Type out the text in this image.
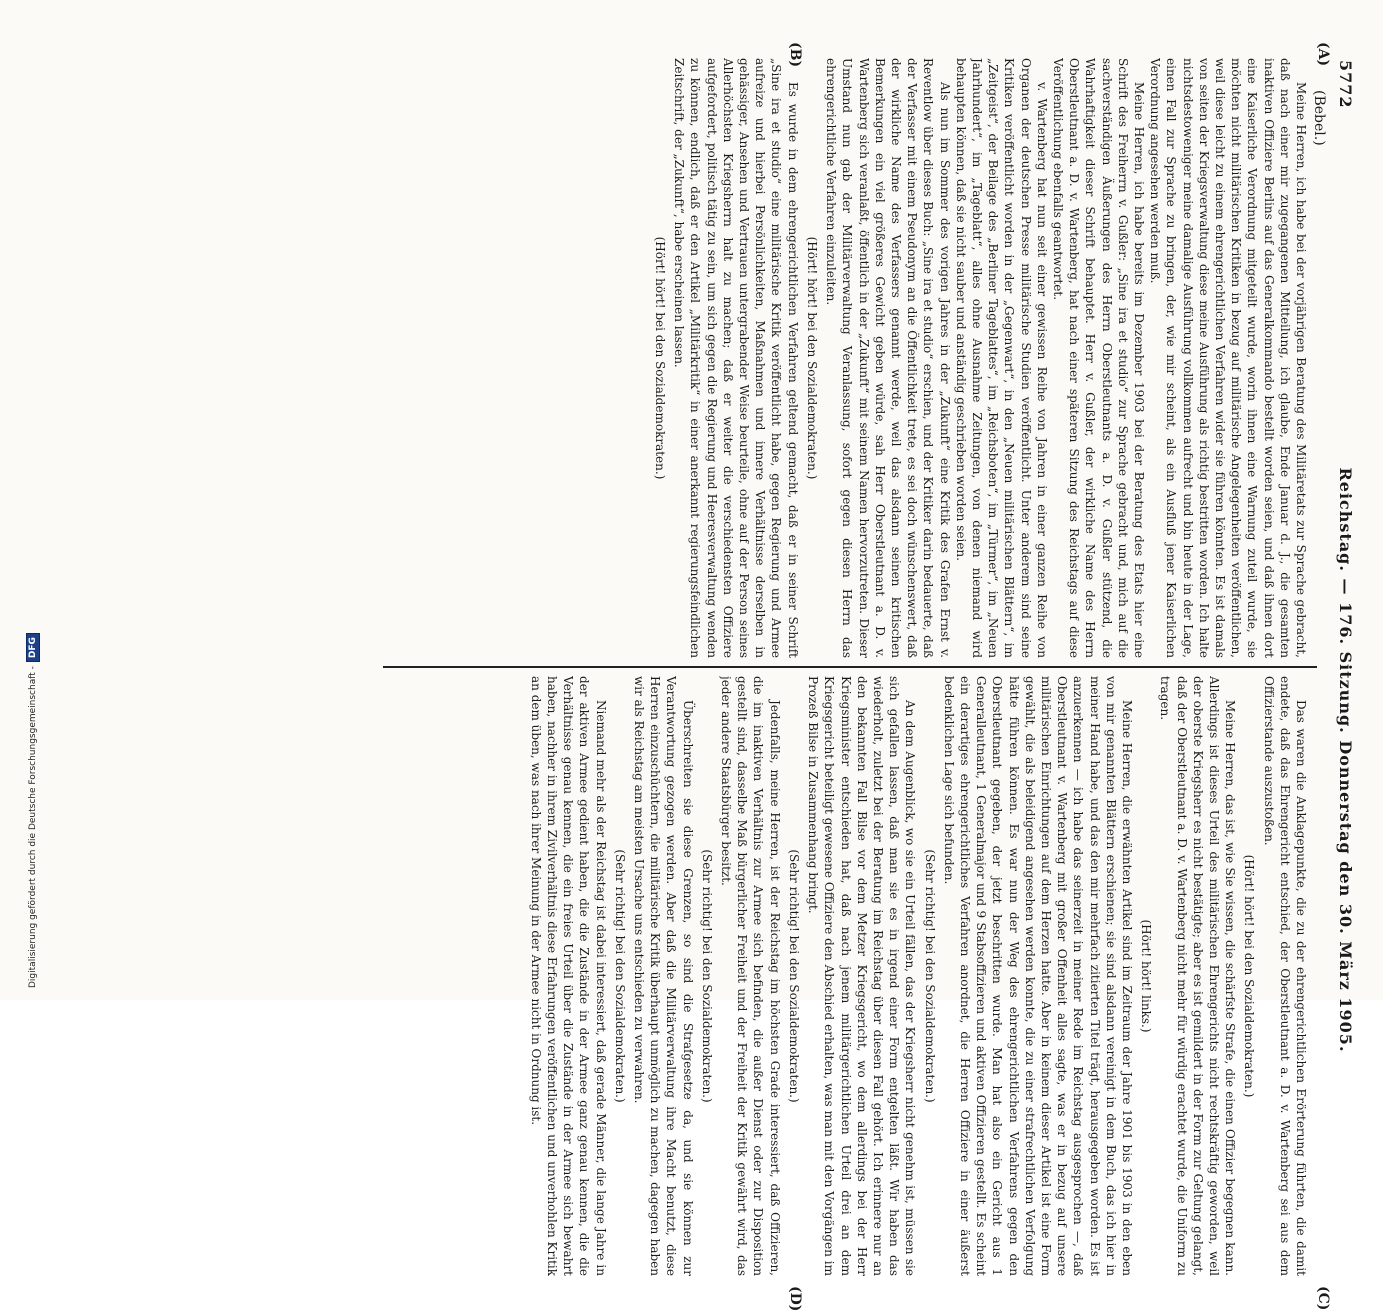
5772
Reichstag. — 176. Sitzung. Donnerstag den 30. März 1905.
(A)
(B)
(C)
(D)
(Bebel.)

Meine Herren, ich habe bei der vorjährigen Beratung des Militäretats zur Sprache gebracht, daß nach einer mir zugegangenen Mitteilung, ich glaube, Ende Januar d. J., die gesamten inaktiven Offiziere Berlins auf das Generalkommando bestellt worden seien, und daß ihnen dort eine Kaiserliche Verordnung mitgeteilt wurde, worin ihnen eine Warnung zuteil wurde, sie möchten nicht militärischen Kritiken in bezug auf militärische Angelegenheiten veröffentlichen, weil diese leicht zu einem ehrengerichtlichen Verfahren wider sie führen könnten. Es ist damals von seiten der Kriegsverwaltung diese meine Ausführung als richtig bestritten worden. Ich halte nichtsdestoweniger meine damalige Ausführung vollkommen aufrecht und bin heute in der Lage, einen Fall zur Sprache zu bringen, der, wie mir scheint, als ein Ausfluß jener Kaiserlichen Verordnung angesehen werden muß.

Meine Herren, ich habe bereits im Dezember 1903 bei der Beratung des Etats hier eine Schrift des Freiherrn v. Gußler: „Sine ira et studio“ zur Sprache gebracht und, mich auf die sachverständigen Äußerungen des Herrn Oberstleutnants a. D. v. Gußler stützend, die Wahrhaftigkeit dieser Schrift behauptet. Herr v. Gußler, der wirkliche Name des Herrn Oberstleutnant a. D. v. Wartenberg, hat nach einer späteren Sitzung des Reichstags auf diese Veröffentlichung ebenfalls geantwortet.

v. Wartenberg hat nun seit einer gewissen Reihe von Jahren in einer ganzen Reihe von Organen der deutschen Presse militärische Studien veröffentlicht. Unter anderem sind seine Kritiken veröffentlicht worden in der „Gegenwart“, in den „Neuen militärischen Blättern“, im „Zeitgeist“, der Beilage des „Berliner Tageblattes“, im „Reichsboten“, im „Türmer“, im „Neuen Jahrhundert“, im „Tageblatt“, alles ohne Ausnahme Zeitungen, von denen niemand wird behaupten können, daß sie nicht sauber und anständig geschrieben worden seien.

Als nun im Sommer des vorigen Jahres in der „Zukunft“ eine Kritik des Grafen Ernst v. Reventlow über dieses Buch: „Sine ira et studio“ erschien, und der Kritiker darin bedauerte, daß der Verfasser mit einem Pseudonym an die Öffentlichkeit trete, es sei doch wünschenswert, daß der wirkliche Name des Verfassers genannt werde, weil das alsdann seinen kritischen Bemerkungen ein viel größeres Gewicht geben würde, sah Herr Oberstleutnant a. D. v. Wartenberg sich veranlaßt, öffentlich in der „Zukunft“ mit seinem Namen hervorzutreten. Dieser Umstand nun gab der Militärverwaltung Veranlassung, sofort gegen diesen Herrn das ehrengerichtliche Verfahren einzuleiten.

(Hört! hört! bei den Sozialdemokraten.)

Es wurde in dem ehrengerichtlichen Verfahren geltend gemacht, daß er in seiner Schrift „Sine ira et studio“ eine militärische Kritik veröffentlicht habe, gegen Regierung und Armee aufreize und hierbei Persönlichkeiten, Maßnahmen und innere Verhältnisse derselben in gehässiger, Ansehen und Vertrauen untergrabender Weise beurteile, ohne auf der Person seines Allerhöchsten Kriegsherrn halt zu machen; daß er weiter die verschiedensten Offiziere aufgefordert, politisch tätig zu sein, um sich gegen die Regierung und Heeresverwaltung wenden zu können, endlich, daß er den Artikel „Militärkritik“ in einer anerkannt regierungsfeindlichen Zeitschrift, der „Zukunft“, habe erscheinen lassen.

(Hört! hört! bei den Sozialdemokraten.)

Das waren die Anklagepunkte, die zu der ehrengerichtlichen Erörterung führten, die damit endete, daß das Ehrengericht entschied, der Oberstleutnant a. D. v. Wartenberg sei aus dem Offizierstande auszustoßen.

(Hört! hört! bei den Sozialdemokraten.)

Meine Herren, das ist, wie Sie wissen, die schärfste Strafe, die einen Offizier begegnen kann. Allerdings ist dieses Urteil des militärischen Ehrengerichts nicht rechtskräftig geworden, weil der oberste Kriegsherr es nicht bestätigte; aber es ist gemildert in der Form zur Geltung gelangt, daß der Oberstleutnant a. D. v. Wartenberg nicht mehr für würdig erachtet wurde, die Uniform zu tragen.

(Hört! hört! links.)

Meine Herren, die erwähnten Artikel sind im Zeitraum der Jahre 1901 bis 1903 in den eben von mir genannten Blättern erschienen; sie sind alsdann vereinigt in dem Buch, das ich hier in meiner Hand habe, und das den mir mehrfach zitierten Titel trägt, herausgegeben worden. Es ist anzuerkennen — ich habe das seinerzeit in meiner Rede im Reichstag ausgesprochen —, daß Oberstleutnant v. Wartenberg mit großer Offenheit alles sagte, was er in bezug auf unsere militärischen Einrichtungen auf dem Herzen hatte. Aber in keinem dieser Artikel ist eine Form gewählt, die als beleidigend angesehen werden konnte, die zu einer strafrechtlichen Verfolgung hätte führen können. Es war nun der Weg des ehrengerichtlichen Verfahrens gegen den Oberstleutnant gegeben, der jetzt beschritten wurde. Man hat also ein Gericht aus 1 Generalleutnant, 1 Generalmajor und 9 Stabsoffizieren und aktiven Offizieren gestellt. Es scheint ein derartiges ehrengerichtliches Verfahren anordnet, die Herren Offiziere in einer äußerst bedenklichen Lage sich befunden.

(Sehr richtig! bei den Sozialdemokraten.)

An dem Augenblick, wo sie ein Urteil fällen, das der Kriegsherr nicht genehm ist, müssen sie sich gefallen lassen, daß man sie es in irgend einer Form entgelten läßt. Wir haben das wiederholt, zuletzt bei der Beratung im Reichstag über diesen Fall gehört. Ich erinnere nur an den bekannten Fall Bilse vor dem Metzer Kriegsgericht, wo dem allerdings bei der Herr Kriegsminister entschieden hat, daß nach jenem militärgerichtlichen Urteil drei an dem Kriegsgericht beteiligt gewesene Offiziere den Abschied erhalten, was man mit den Vorgängen im Prozeß Bilse in Zusammenhang bringt.

(Sehr richtig! bei den Sozialdemokraten.)

Jedenfalls, meine Herren, ist der Reichstag im höchsten Grade interessiert, daß Offizieren, die im inaktiven Verhältnis zur Armee sich befinden, die außer Dienst oder zur Disposition gestellt sind, dasselbe Maß bürgerlicher Freiheit und der Freiheit der Kritik gewährt wird, das jeder andere Staatsbürger besitzt.

(Sehr richtig! bei den Sozialdemokraten.)

Überschreiten sie diese Grenzen, so sind die Strafgesetze da, und sie können zur Verantwortung gezogen werden. Aber daß die Militärverwaltung ihre Macht benutzt, diese Herren einzuschüchtern, die militärische Kritik überhaupt unmöglich zu machen, dagegen haben wir als Reichstag am meisten Ursache uns entschieden zu verwahren.

(Sehr richtig! bei den Sozialdemokraten.)

Niemand mehr als der Reichstag ist dabei interessiert, daß gerade Männer, die lange Jahre in der aktiven Armee gedient haben, die die Zustände in der Armee ganz genau kennen, die die Verhältnisse genau kennen, die ein freies Urteil über die Zustände in der Armee sich bewahrt haben, nachher in ihrem Zivilverhältnis diese Erfahrungen veröffentlichen und unverhohlen Kritik an dem üben, was nach ihrer Meinung in der Armee nicht in Ordnung ist.

Digitalisierung gefördert durch die Deutsche Forschungsgemeinschaft -
DFG
